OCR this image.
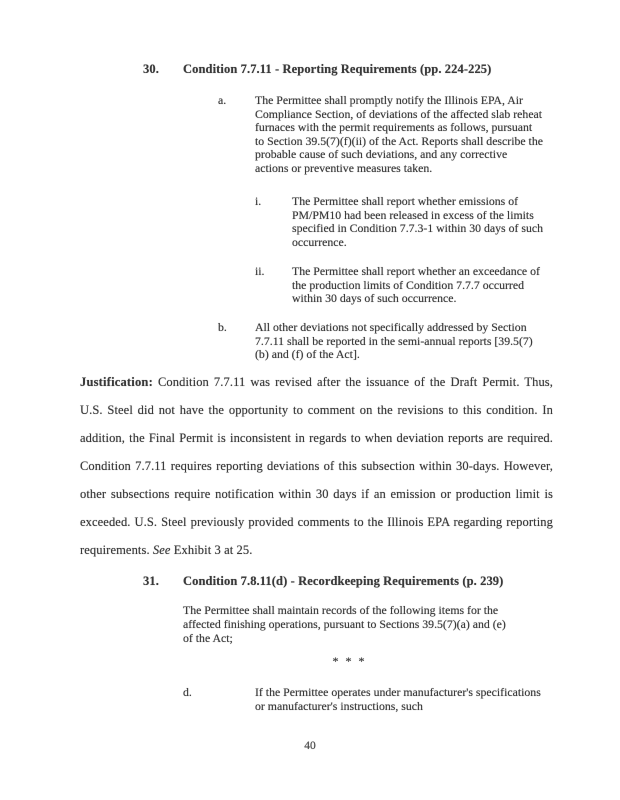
30.	Condition 7.7.11 - Reporting Requirements (pp. 224-225)
a.	The Permittee shall promptly notify the Illinois EPA, Air Compliance Section, of deviations of the affected slab reheat furnaces with the permit requirements as follows, pursuant to Section 39.5(7)(f)(ii) of the Act. Reports shall describe the probable cause of such deviations, and any corrective actions or preventive measures taken.
i.	The Permittee shall report whether emissions of PM/PM10 had been released in excess of the limits specified in Condition 7.7.3-1 within 30 days of such occurrence.
ii.	The Permittee shall report whether an exceedance of the production limits of Condition 7.7.7 occurred within 30 days of such occurrence.
b.	All other deviations not specifically addressed by Section 7.7.11 shall be reported in the semi-annual reports [39.5(7)(b) and (f) of the Act].
Justification: Condition 7.7.11 was revised after the issuance of the Draft Permit. Thus, U.S. Steel did not have the opportunity to comment on the revisions to this condition. In addition, the Final Permit is inconsistent in regards to when deviation reports are required. Condition 7.7.11 requires reporting deviations of this subsection within 30-days. However, other subsections require notification within 30 days if an emission or production limit is exceeded. U.S. Steel previously provided comments to the Illinois EPA regarding reporting requirements. See Exhibit 3 at 25.
31.	Condition 7.8.11(d) - Recordkeeping Requirements (p. 239)
The Permittee shall maintain records of the following items for the affected finishing operations, pursuant to Sections 39.5(7)(a) and (e) of the Act;
* * *
d.	If the Permittee operates under manufacturer's specifications or manufacturer's instructions, such
40
